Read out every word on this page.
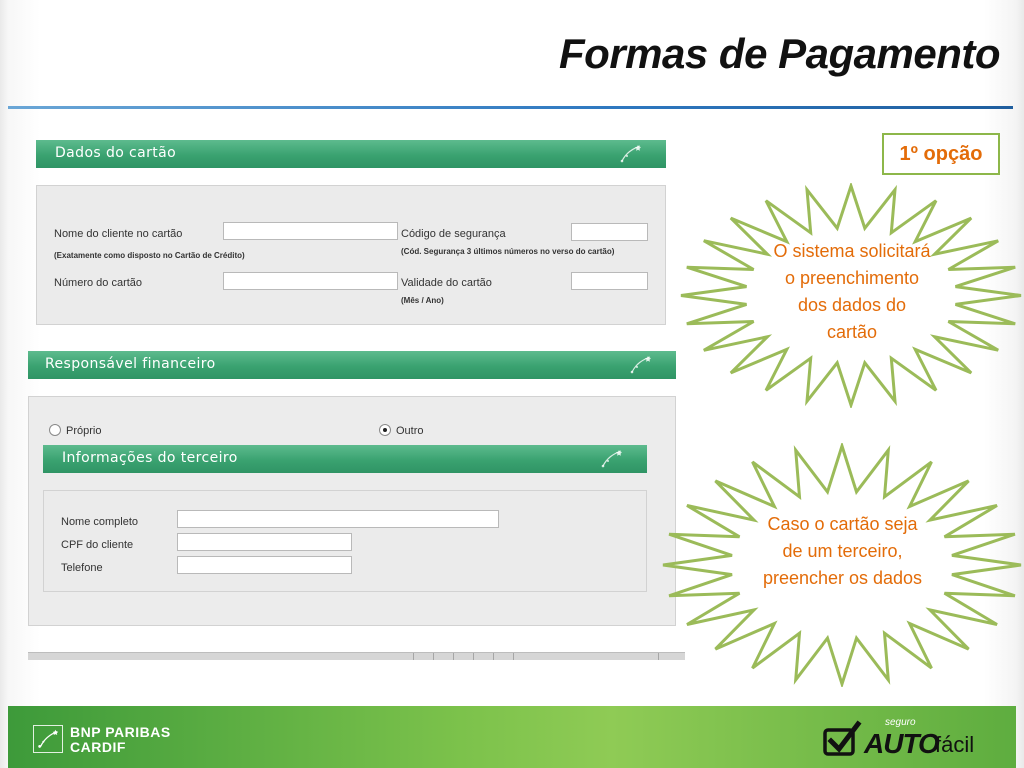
Formas de Pagamento
Dados do cartão
Nome do cliente no cartão
(Exatamente como disposto no Cartão de Crédito)
Número do cartão
Código de segurança
(Cód. Segurança 3 últimos números no verso do cartão)
Validade do cartão
(Mês / Ano)
Responsável financeiro
Próprio	Outro
Informações do terceiro
Nome completo
CPF do cliente
Telefone
1º opção
O sistema solicitará o preenchimento dos dados do cartão
Caso o cartão seja de um terceiro, preencher os dados
BNP PARIBAS
CARDIF
seguro
AUTO
fácil
